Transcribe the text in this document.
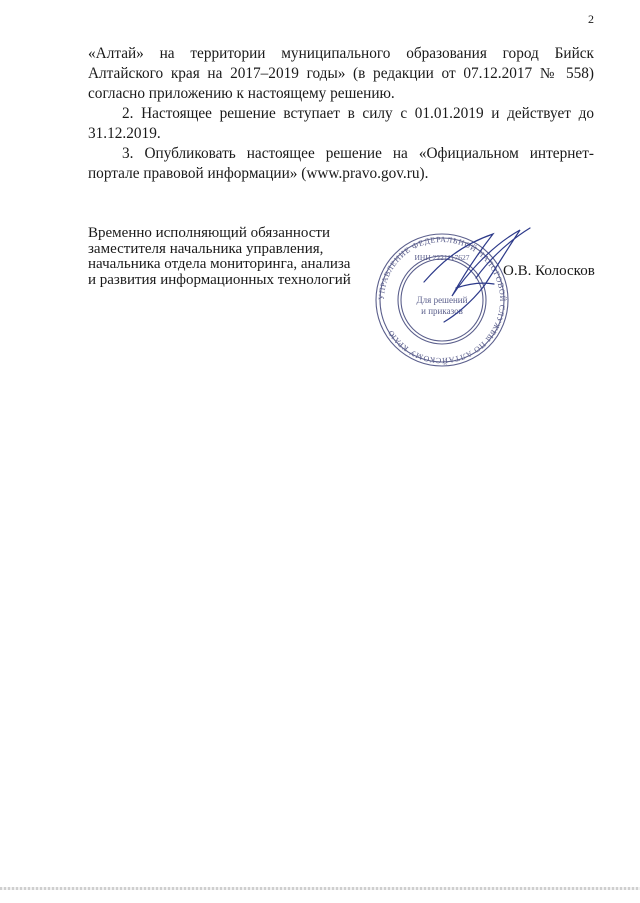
2

«Алтай» на территории муниципального образования город Бийск

Алтайского края на 2017–2019 годы» (в редакции от 07.12.2017 № 558)

согласно приложению к настоящему решению.

2. Настоящее решение вступает в силу с 01.01.2019 и действует до

31.12.2019.

3. Опубликовать настоящее решение на «Официальном интернет-

портале правовой информации» (www.pravo.gov.ru).

Временно исполняющий обязанности
заместителя начальника управления,
начальника отдела мониторинга, анализа
и развития информационных технологий
УПРАВЛЕНИЕ ФЕДЕРАЛЬНОЙ НАЛОГОВОЙ СЛУЖБЫ ПО АЛТАЙСКОМУ КРАЮ
ИНН 2221117627
Для решений
и приказов
О.В. Колосков
